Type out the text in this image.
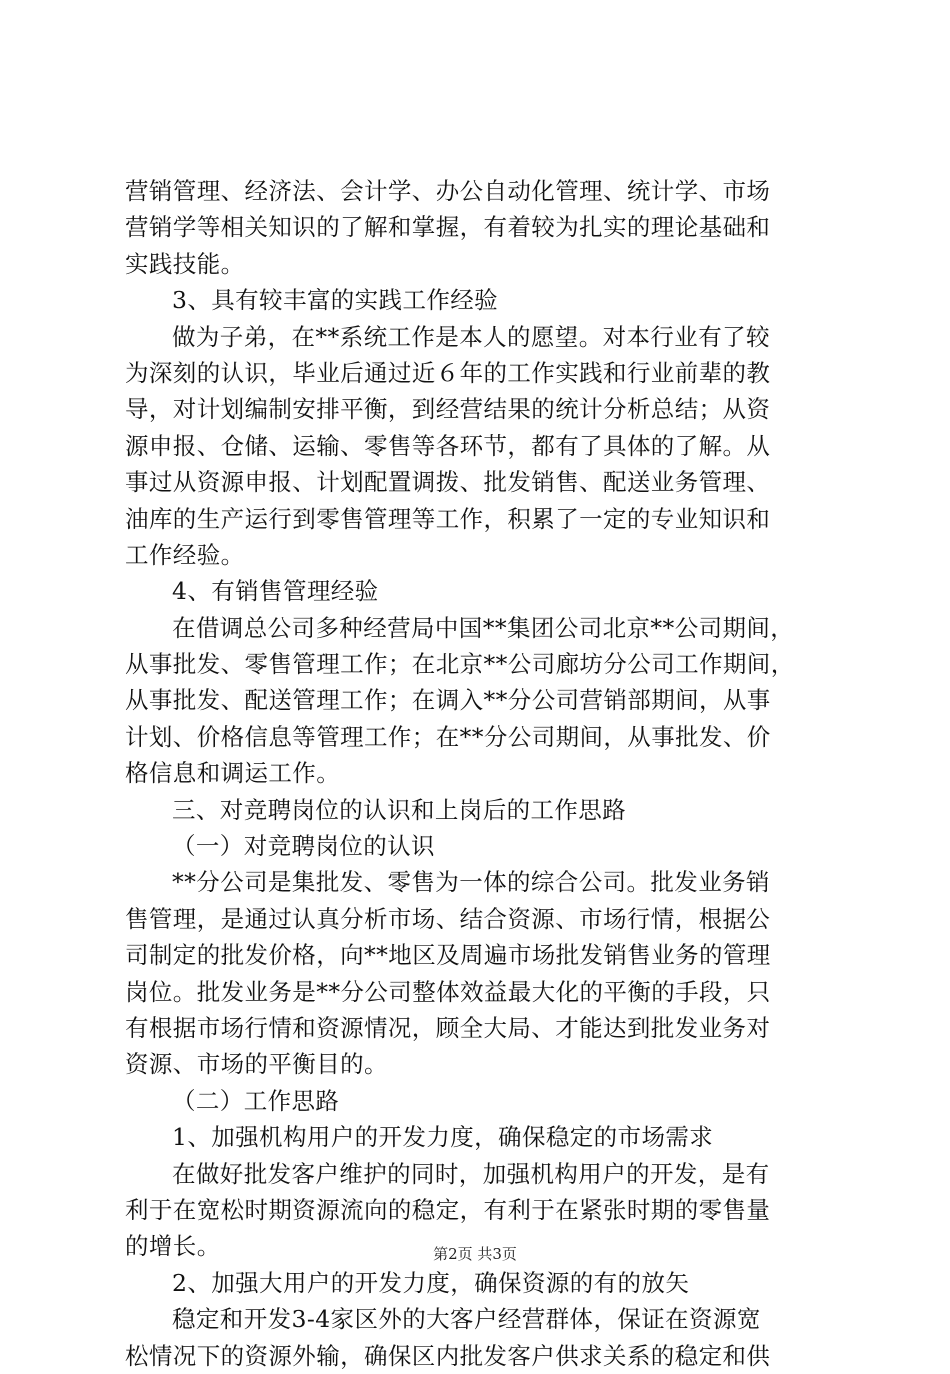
营销管理、经济法、会计学、办公自动化管理、统计学、市场
营销学等相关知识的了解和掌握，有着较为扎实的理论基础和
实践技能。
3、具有较丰富的实践工作经验
做为子弟，在**系统工作是本人的愿望。对本行业有了较
为深刻的认识，毕业后通过近６年的工作实践和行业前辈的教
导，对计划编制安排平衡，到经营结果的统计分析总结；从资
源申报、仓储、运输、零售等各环节，都有了具体的了解。从
事过从资源申报、计划配置调拨、批发销售、配送业务管理、
油库的生产运行到零售管理等工作，积累了一定的专业知识和
工作经验。
4、有销售管理经验
在借调总公司多种经营局中国**集团公司北京**公司期间，
从事批发、零售管理工作；在北京**公司廊坊分公司工作期间，
从事批发、配送管理工作；在调入**分公司营销部期间，从事
计划、价格信息等管理工作；在**分公司期间，从事批发、价
格信息和调运工作。
三、对竞聘岗位的认识和上岗后的工作思路
（一）对竞聘岗位的认识
**分公司是集批发、零售为一体的综合公司。批发业务销
售管理，是通过认真分析市场、结合资源、市场行情，根据公
司制定的批发价格，向**地区及周遍市场批发销售业务的管理
岗位。批发业务是**分公司整体效益最大化的平衡的手段，只
有根据市场行情和资源情况，顾全大局、才能达到批发业务对
资源、市场的平衡目的。
（二）工作思路
1、加强机构用户的开发力度，确保稳定的市场需求
在做好批发客户维护的同时，加强机构用户的开发，是有
利于在宽松时期资源流向的稳定，有利于在紧张时期的零售量
的增长。
2、加强大用户的开发力度，确保资源的有的放矢
稳定和开发3-4家区外的大客户经营群体，保证在资源宽
松情况下的资源外输，确保区内批发客户供求关系的稳定和供
第2页 共3页
